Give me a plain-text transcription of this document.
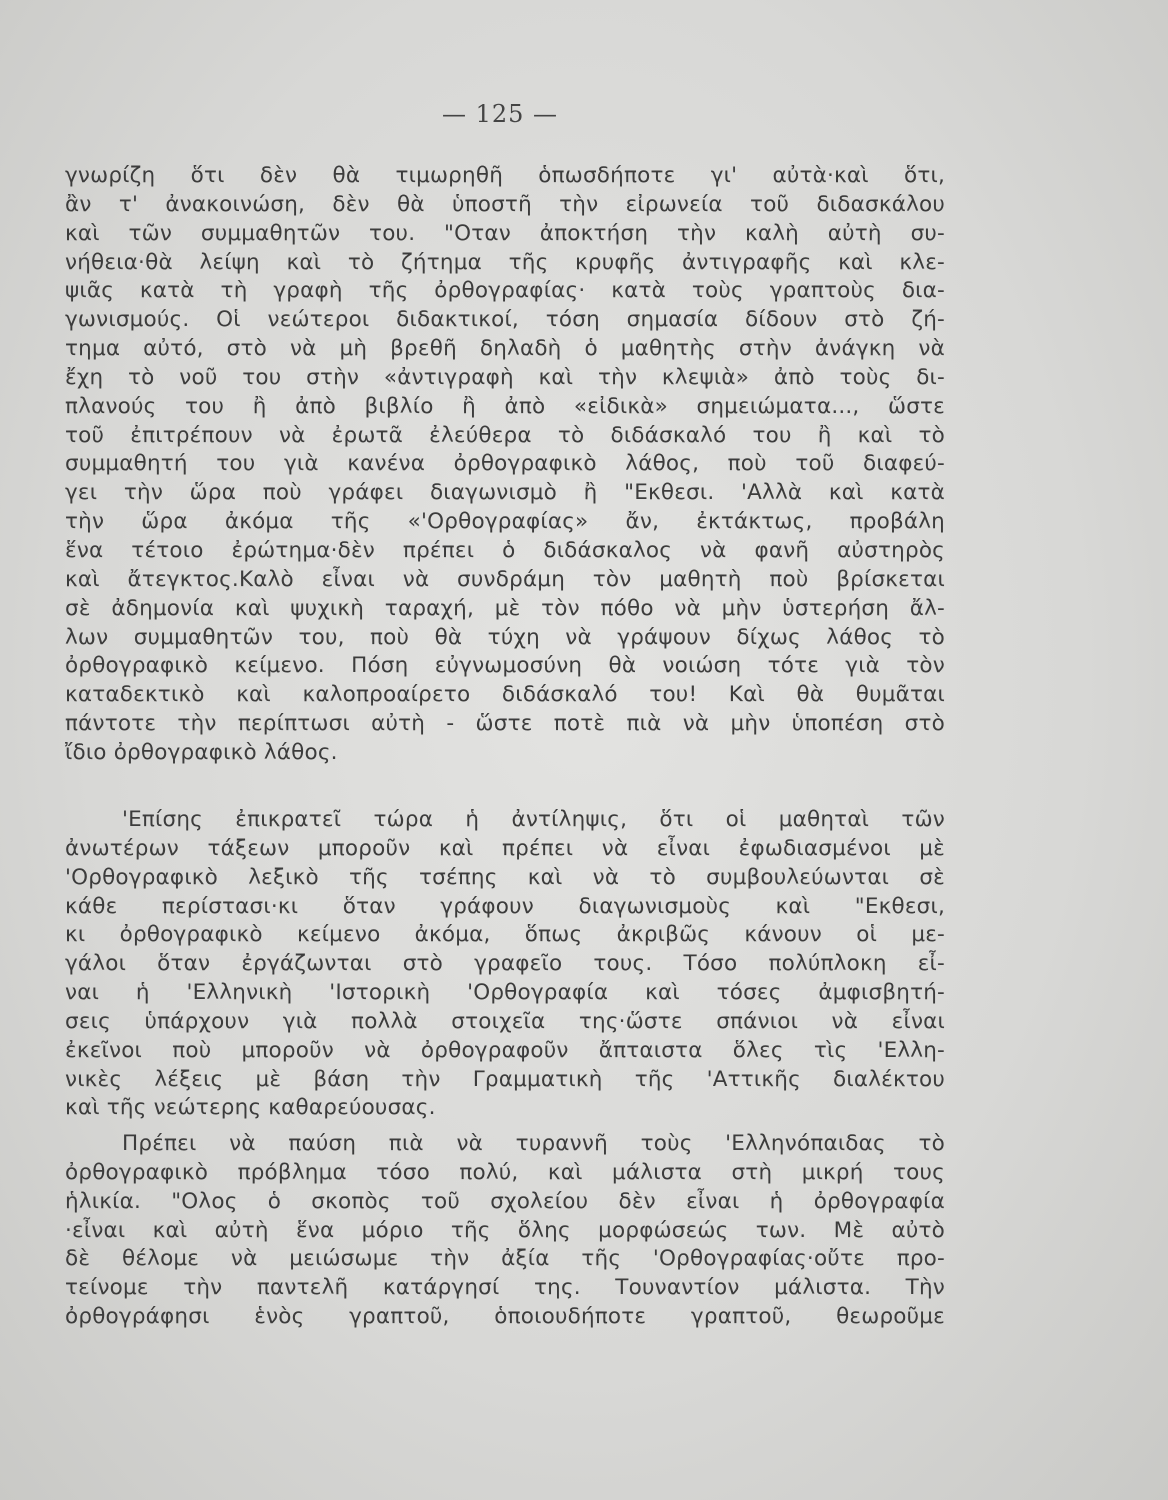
— 125 —
γνωρίζη ὅτι δὲν θὰ τιμωρηθῆ ὁπωσδήποτε γι' αὐτὰ·καὶ ὅτι,
ἂν τ' ἀνακοινώση, δὲν θὰ ὑποστῆ τὴν εἰρωνεία τοῦ διδασκάλου
καὶ τῶν συμμαθητῶν του. "Οταν ἀποκτήση τὴν καλὴ αὐτὴ συ-
νήθεια·θὰ λείψη καὶ τὸ ζήτημα τῆς κρυφῆς ἀντιγραφῆς καὶ κλε-
ψιᾶς κατὰ τὴ γραφὴ τῆς ὀρθογραφίας· κατὰ τοὺς γραπτοὺς δια-
γωνισμούς. Οἱ νεώτεροι διδακτικοί, τόση σημασία δίδουν στὸ ζή-
τημα αὐτό, στὸ νὰ μὴ βρεθῆ δηλαδὴ ὁ μαθητὴς στὴν ἀνάγκη νὰ
ἔχη τὸ νοῦ του στὴν «ἀντιγραφὴ καὶ τὴν κλεψιὰ» ἀπὸ τοὺς δι-
πλανούς του ἢ ἀπὸ βιβλίο ἢ ἀπὸ «εἰδικὰ» σημειώματα..., ὥστε
τοῦ ἐπιτρέπουν νὰ ἐρωτᾶ ἐλεύθερα τὸ διδάσκαλό του ἢ καὶ τὸ
συμμαθητή του γιὰ κανένα ὀρθογραφικὸ λάθος, ποὺ τοῦ διαφεύ-
γει τὴν ὥρα ποὺ γράφει διαγωνισμὸ ἢ "Εκθεσι. 'Αλλὰ καὶ κατὰ
τὴν ὥρα ἀκόμα τῆς «'Ορθογραφίας» ἄν, ἐκτάκτως, προβάλη
ἕνα τέτοιο ἐρώτημα·δὲν πρέπει ὁ διδάσκαλος νὰ φανῆ αὐστηρὸς
καὶ ἄτεγκτος.Καλὸ εἶναι νὰ συνδράμη τὸν μαθητὴ ποὺ βρίσκεται
σὲ ἀδημονία καὶ ψυχικὴ ταραχή, μὲ τὸν πόθο νὰ μὴν ὑστερήση ἄλ-
λων συμμαθητῶν του, ποὺ θὰ τύχη νὰ γράψουν δίχως λάθος τὸ
ὀρθογραφικὸ κείμενο. Πόση εὐγνωμοσύνη θὰ νοιώση τότε γιὰ τὸν
καταδεκτικὸ καὶ καλοπροαίρετο διδάσκαλό του! Καὶ θὰ θυμᾶται
πάντοτε τὴν περίπτωσι αὐτὴ - ὥστε ποτὲ πιὰ νὰ μὴν ὑποπέση στὸ
ἴδιο ὀρθογραφικὸ λάθος.
'Επίσης ἐπικρατεῖ τώρα ἡ ἀντίληψις, ὅτι οἱ μαθηταὶ τῶν
ἀνωτέρων τάξεων μποροῦν καὶ πρέπει νὰ εἶναι ἐφωδιασμένοι μὲ
'Ορθογραφικὸ λεξικὸ τῆς τσέπης καὶ νὰ τὸ συμβουλεύωνται σὲ
κάθε περίστασι·κι ὅταν γράφουν διαγωνισμοὺς καὶ "Εκθεσι,
κι ὀρθογραφικὸ κείμενο ἀκόμα, ὅπως ἀκριβῶς κάνουν οἱ με-
γάλοι ὅταν ἐργάζωνται στὸ γραφεῖο τους. Τόσο πολύπλοκη εἶ-
ναι ἡ 'Ελληνικὴ 'Ιστορικὴ 'Ορθογραφία καὶ τόσες ἀμφισβητή-
σεις ὑπάρχουν γιὰ πολλὰ στοιχεῖα της·ὥστε σπάνιοι νὰ εἶναι
ἐκεῖνοι ποὺ μποροῦν νὰ ὀρθογραφοῦν ἄπταιστα ὅλες τὶς 'Ελλη-
νικὲς λέξεις μὲ βάση τὴν Γραμματικὴ τῆς 'Αττικῆς διαλέκτου
καὶ τῆς νεώτερης καθαρεύουσας.
Πρέπει νὰ παύση πιὰ νὰ τυραννῆ τοὺς 'Ελληνόπαιδας τὸ
ὀρθογραφικὸ πρόβλημα τόσο πολύ, καὶ μάλιστα στὴ μικρή τους
ἡλικία. "Ολος ὁ σκοπὸς τοῦ σχολείου δὲν εἶναι ἡ ὀρθογραφία
·εἶναι καὶ αὐτὴ ἕνα μόριο τῆς ὅλης μορφώσεώς των. Μὲ αὐτὸ
δὲ θέλομε νὰ μειώσωμε τὴν ἀξία τῆς 'Ορθογραφίας·οὔτε προ-
τείνομε τὴν παντελῆ κατάργησί της. Τουναντίον μάλιστα. Τὴν
ὀρθογράφησι ἑνὸς γραπτοῦ, ὁποιουδήποτε γραπτοῦ, θεωροῦμε
